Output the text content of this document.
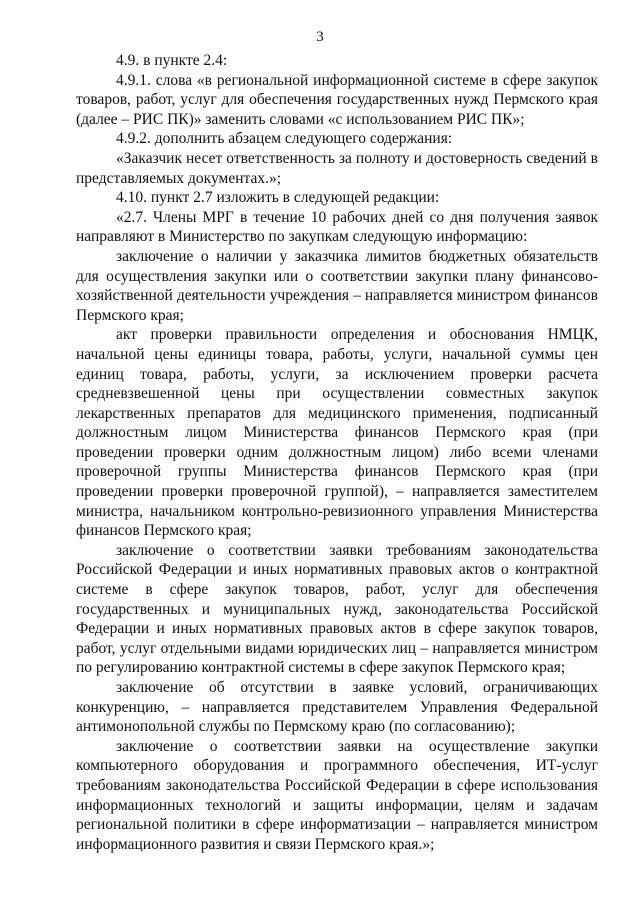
3

4.9. в пункте 2.4:

4.9.1. слова «в региональной информационной системе в сфере закупок товаров, работ, услуг для обеспечения государственных нужд Пермского края (далее – РИС ПК)» заменить словами «с использованием РИС ПК»;

4.9.2. дополнить абзацем следующего содержания:

«Заказчик несет ответственность за полноту и достоверность сведений в представляемых документах.»;

4.10. пункт 2.7 изложить в следующей редакции:

«2.7. Члены МРГ в течение 10 рабочих дней со дня получения заявок направляют в Министерство по закупкам следующую информацию:

заключение о наличии у заказчика лимитов бюджетных обязательств для осуществления закупки или о соответствии закупки плану финансово-хозяйственной деятельности учреждения – направляется министром финансов Пермского края;

акт проверки правильности определения и обоснования НМЦК, начальной цены единицы товара, работы, услуги, начальной суммы цен единиц товара, работы, услуги, за исключением проверки расчета средневзвешенной цены при осуществлении совместных закупок лекарственных препаратов для медицинского применения, подписанный должностным лицом Министерства финансов Пермского края (при проведении проверки одним должностным лицом) либо всеми членами проверочной группы Министерства финансов Пермского края (при проведении проверки проверочной группой), – направляется заместителем министра, начальником контрольно-ревизионного управления Министерства финансов Пермского края;

заключение о соответствии заявки требованиям законодательства Российской Федерации и иных нормативных правовых актов о контрактной системе в сфере закупок товаров, работ, услуг для обеспечения государственных и муниципальных нужд, законодательства Российской Федерации и иных нормативных правовых актов в сфере закупок товаров, работ, услуг отдельными видами юридических лиц – направляется министром по регулированию контрактной системы в сфере закупок Пермского края;

заключение об отсутствии в заявке условий, ограничивающих конкуренцию, – направляется представителем Управления Федеральной антимонопольной службы по Пермскому краю (по согласованию);

заключение о соответствии заявки на осуществление закупки компьютерного оборудования и программного обеспечения, ИТ-услуг требованиям законодательства Российской Федерации в сфере использования информационных технологий и защиты информации, целям и задачам региональной политики в сфере информатизации – направляется министром информационного развития и связи Пермского края.»;
